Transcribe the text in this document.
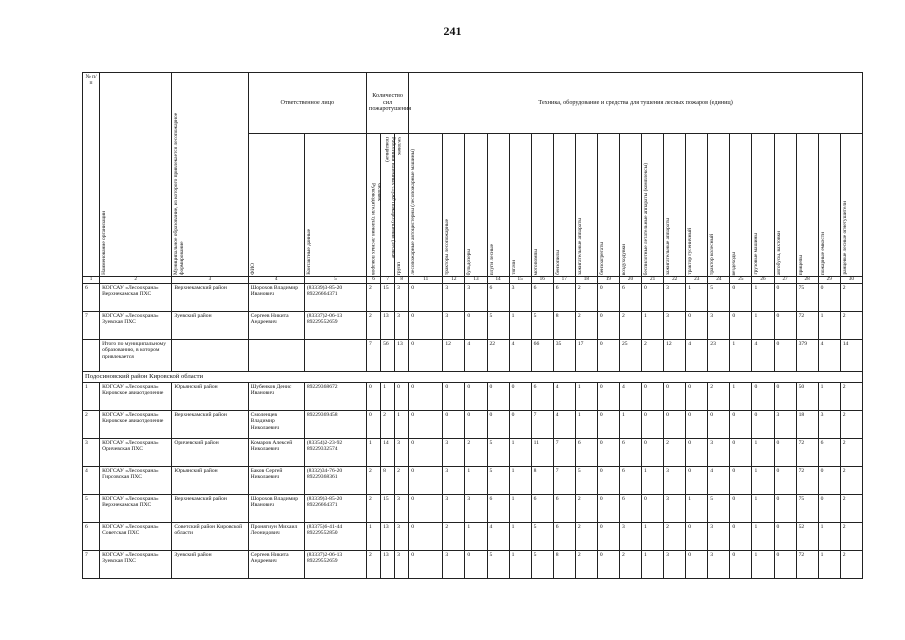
241
№ п/п	Наименование организации	Муниципальное образование, из которого привлекается лесопожарное формирование	Ответственное лицо		Количество сил пожаротушения			Техника, оборудование и средства для тушения лесных пожаров (единиц)																			

			ФИО	Контактные данные	Руководители тушения лесных пожаров человек	Работники наземных служб пожаротушения (лесные пожарные) человек	групп	лесопожарные автоцистерны (лесопожарные машины)	тракторы лесопожарные	бульдозеры	плуги лесные	тягачи	мотопомпы	бензопилы	зажигательные аппараты	бензоагрегаты	воздуходувки	беспилотные летательные аппараты (комплексы)	зажигательные аппараты	трактор гусеничный	трактор колесный	вездеходы	грузовые машины	автобусы, вахтовки	прицепы	пожарные емкости	ранцевые лесные огнетушители

1	2	3	4	5	6	7	8	11	12	13	14	15	16	17	18	19	20	21	22	23	24	25	26	27	28	29	30
6	КОГСАУ «Лесоохрана» Верхнекамская ПХС	Верхнекамский район	Шорохов Владимир Иванович	(83339)3-85-20 89226664371	2	15	3	0	3	3	6	3	6	6	2	0	6	0	3	1	5	0	1	0	75	0	2
7	КОГСАУ «Лесоохрана» Зуевская ПХС	Зуевский район	Сергеев Никита Андреевич	(83337)2-06-13 89229552659	2	13	3	0	3	0	5	1	5	8	2	0	2	1	3	0	3	0	1	0	72	1	2
	Итого по муниципальному образованию, в котором привлекается				7	56	13	0	12	4	22	4	66	35	17	0	25	2	12	4	23	1	4	0	379	4	14
Подосиновский район Кировской области																											
1	КОГСАУ «Лесоохрана» Кировское авиаотделение	Юрьянский район	Шубенков Денис Иванович	89229368672	0	1	0	0	0	0	0	0	6	4	1	0	4	0	0	0	2	1	0	0	50	1	2
2	КОГСАУ «Лесоохрана» Кировское авиаотделение	Верхнекамский район	Смоленцев Владимир Николаевич	89229369458	0	2	1	0	0	0	0	0	7	4	1	0	1	0	0	0	0	0	0	3	18	3	2
3	КОГСАУ «Лесоохрана» Оричевская ПХС	Оричевский район	Комаров Алексей Николаевич	(83354)2-23-92 89229332574	1	14	3	0	3	2	5	1	11	7	6	0	6	0	2	0	3	0	1	0	72	6	2
4	КОГСАУ «Лесоохрана» Гирсовская ПХС	Юрьянский район	Баков Сергей Николаевич	(8332)34-76-20 89229368361	2	8	2	0	3	1	5	1	8	7	5	0	6	1	3	0	4	0	1	0	72	0	2
5	КОГСАУ «Лесоохрана» Верхнекамская ПХС	Верхнекамский район	Шорохов Владимир Иванович	(83339)3-85-20 89226664371	2	15	3	0	3	3	6	1	6	6	2	0	6	0	3	1	5	0	1	0	75	0	2
6	КОГСАУ «Лесоохрана» Советская ПХС	Советский район Кировской области	Пронягиун Михаил Леонидович	(83375)6-41-44 89229552850	1	13	3	0	2	1	4	1	5	6	2	0	3	1	2	0	3	0	1	0	52	1	2
7	КОГСАУ «Лесоохрана» Зуевская ПХС	Зуевский район	Сергеев Никита Андреевич	(83337)2-06-13 89229552659	2	13	3	0	3	0	5	1	5	8	2	0	2	1	3	0	3	0	1	0	72	1	2
